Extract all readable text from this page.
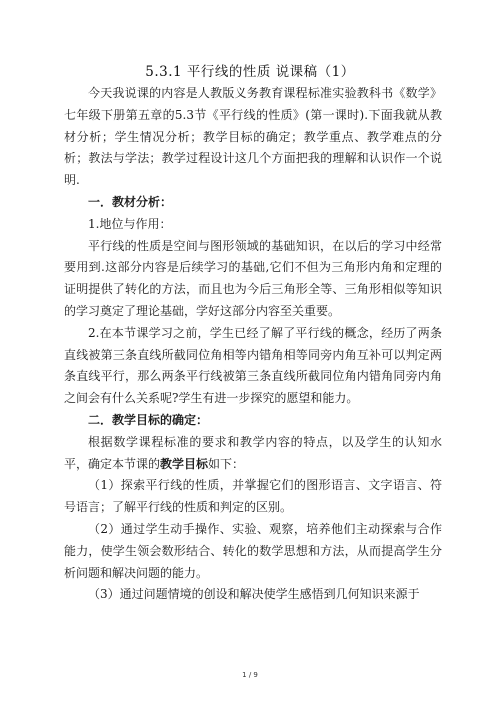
5.3.1 平行线的性质 说课稿（1）

今天我说课的内容是人教版义务教育课程标准实验教科书《数学》七年级下册第五章的5.3节《平行线的性质》(第一课时).下面我就从教材分析；学生情况分析；教学目标的确定；教学重点、教学难点的分析；教法与学法；教学过程设计这几个方面把我的理解和认识作一个说明.

一．教材分析：

1.地位与作用：

平行线的性质是空间与图形领域的基础知识，在以后的学习中经常要用到.这部分内容是后续学习的基础,它们不但为三角形内角和定理的证明提供了转化的方法，而且也为今后三角形全等、三角形相似等知识的学习奠定了理论基础，学好这部分内容至关重要。

2.在本节课学习之前，学生已经了解了平行线的概念，经历了两条直线被第三条直线所截同位角相等内错角相等同旁内角互补可以判定两条直线平行，那么两条平行线被第三条直线所截同位角内错角同旁内角之间会有什么关系呢?学生有进一步探究的愿望和能力。

二．教学目标的确定：

根据数学课程标准的要求和教学内容的特点，以及学生的认知水平，确定本节课的教学目标如下：

（1）探索平行线的性质，并掌握它们的图形语言、文字语言、符号语言；了解平行线的性质和判定的区别。

（2）通过学生动手操作、实验、观察，培养他们主动探索与合作能力，使学生领会数形结合、转化的数学思想和方法，从而提高学生分析问题和解决问题的能力。

（3）通过问题情境的创设和解决使学生感悟到几何知识来源于

1 / 9
